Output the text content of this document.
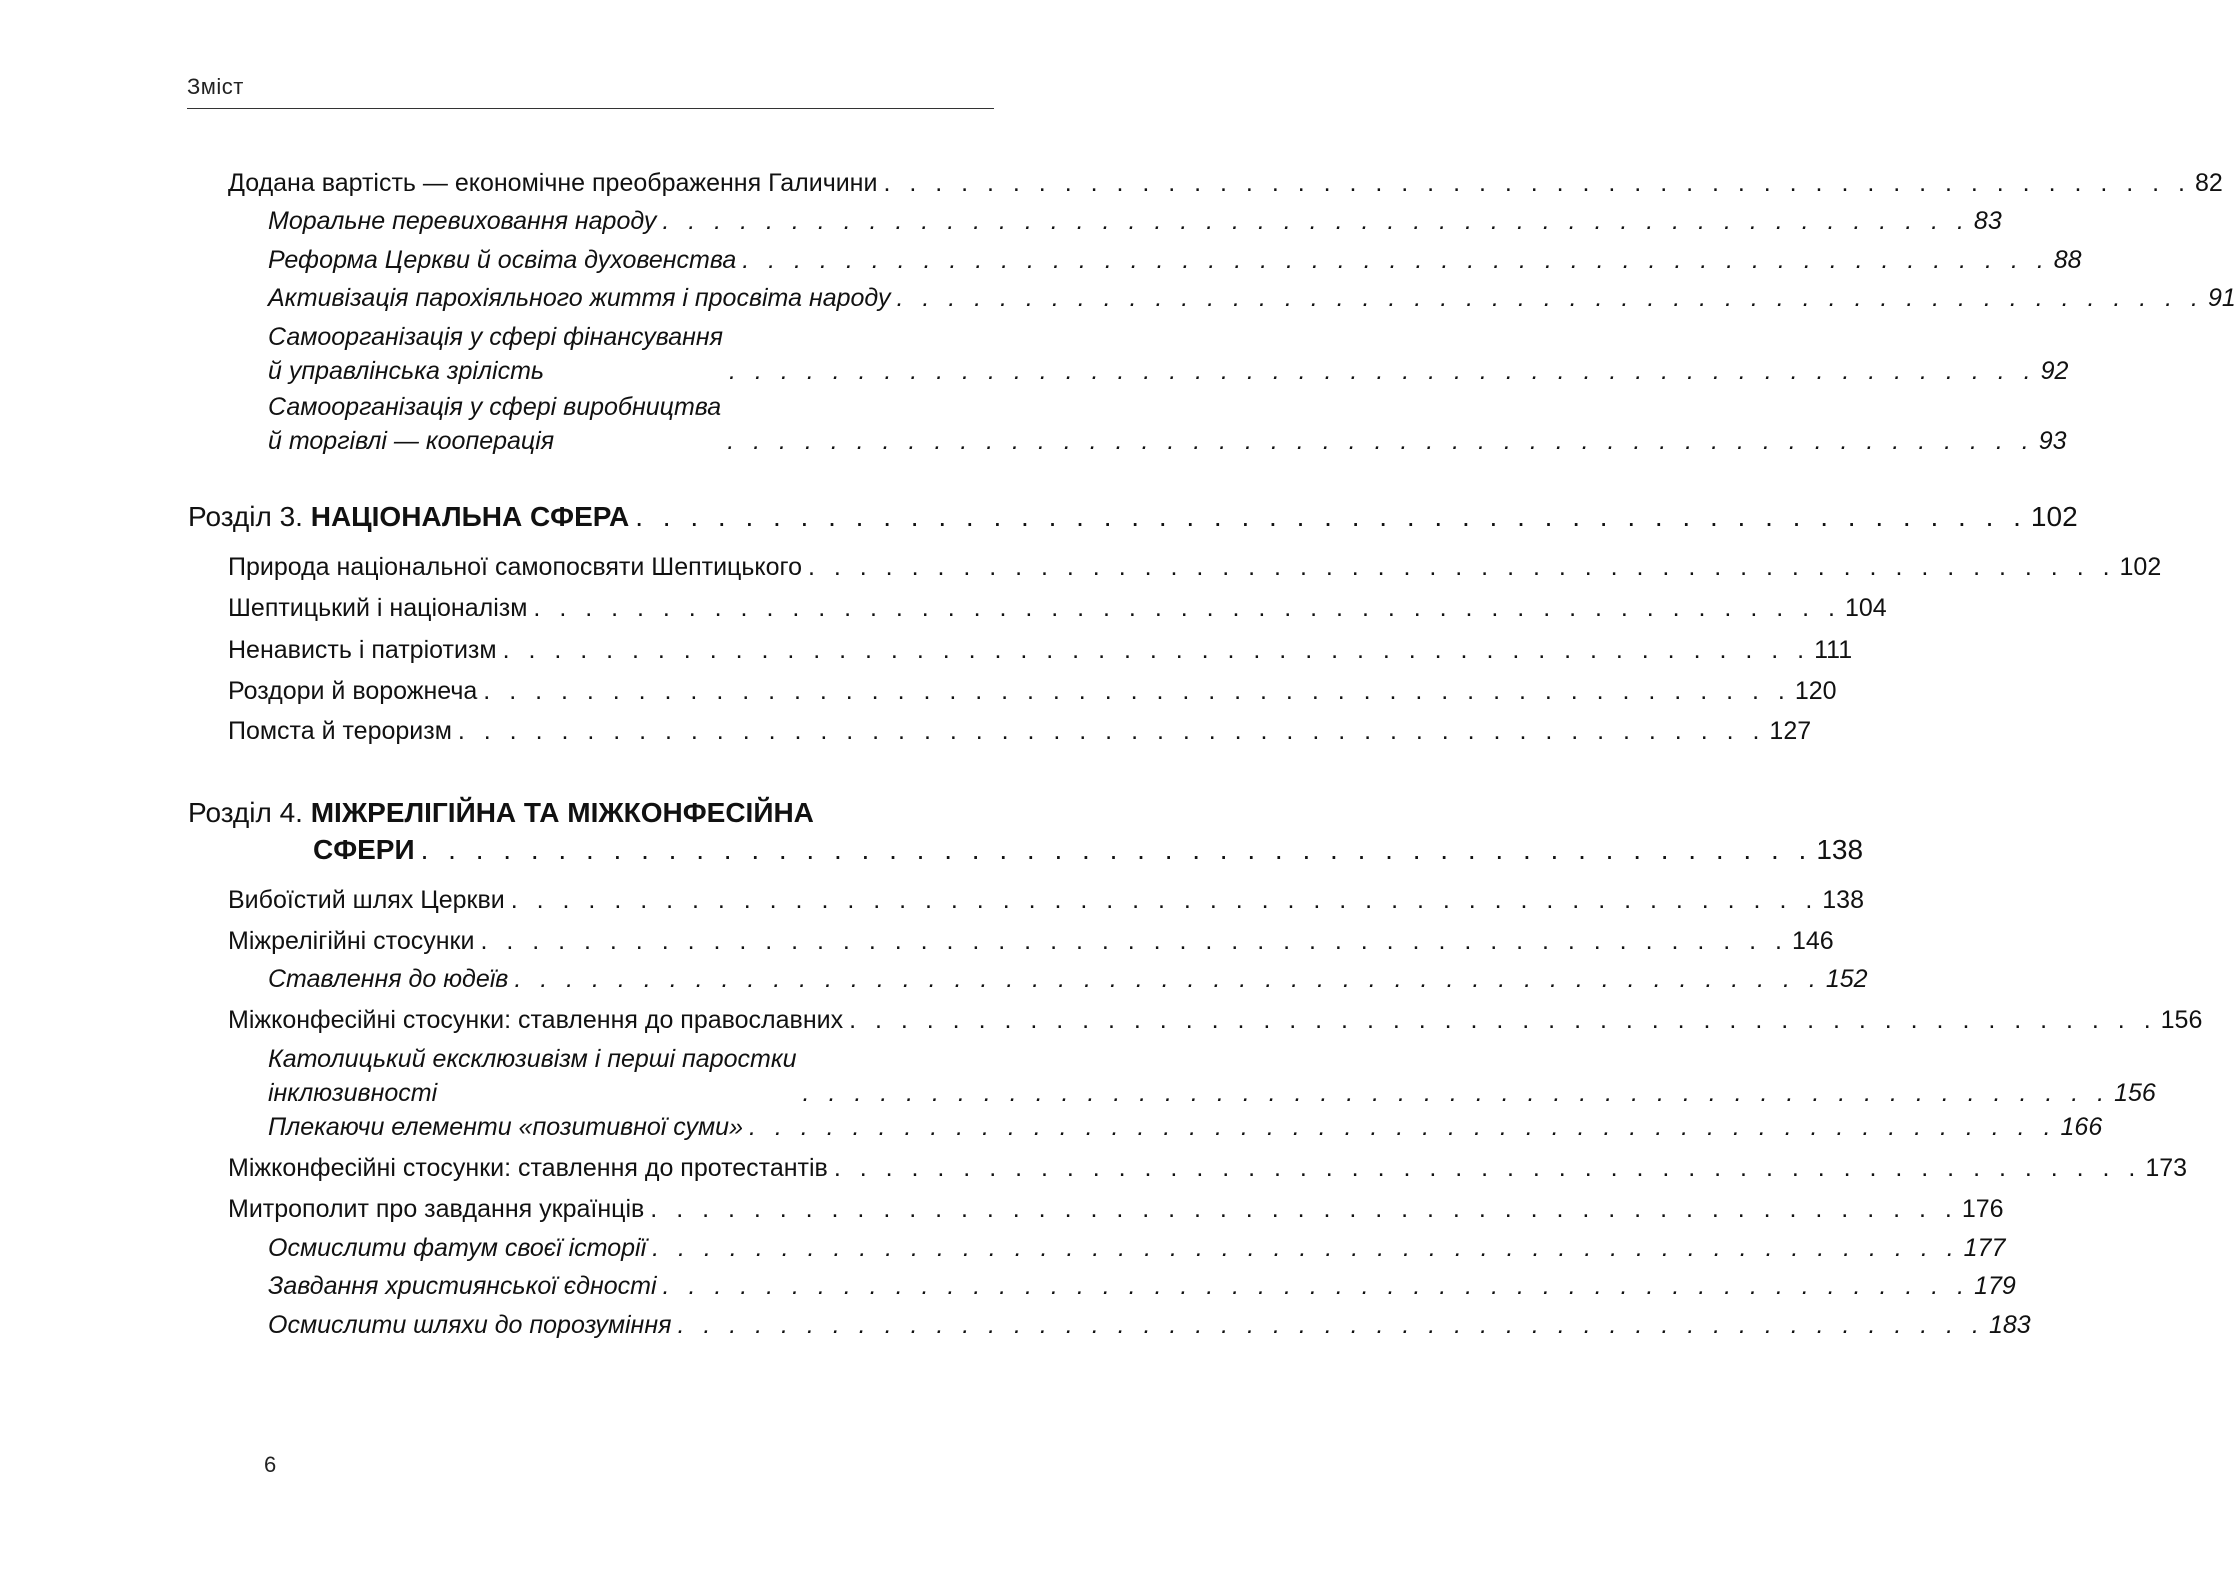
Зміст
Додана вартість — економічне преображення Галичини . . . . . . . . . . . . . . . . . . . . . . . . . . . . . . . . . . . . . . . . . . . . . . . . . . . 82
Моральне перевиховання народу . . . . . . . . . . . . . . . . . . . . . . . . . . . . . . . . . . . . . . . . . . . . . . . . . . . 83
Реформа Церкви й освіта духовенства . . . . . . . . . . . . . . . . . . . . . . . . . . . . . . . . . . . . . . . . . . . . . . . . . . . 88
Активізація парохіяльного життя і просвіта народу . . . . . . . . . . . . . . . . . . . . . . . . . . . . . . . . . . . . . . . . . . . . . . . . . . . 91
Самоорганізація у сфері фінансування
й управлінська зрілість	. . . . . . . . . . . . . . . . . . . . . . . . . . . . . . . . . . . . . . . . . . . . . . . . . . . 92
Самоорганізація у сфері виробництва
й торгівлі — кооперація	. . . . . . . . . . . . . . . . . . . . . . . . . . . . . . . . . . . . . . . . . . . . . . . . . . . 93
Розділ 3. НАЦІОНАЛЬНА СФЕРА . . . . . . . . . . . . . . . . . . . . . . . . . . . . . . . . . . . . . . . . . . . . . . . . . . . 102
Природа національної самопосвяти Шептицького . . . . . . . . . . . . . . . . . . . . . . . . . . . . . . . . . . . . . . . . . . . . . . . . . . . 102
Шептицький і націоналізм . . . . . . . . . . . . . . . . . . . . . . . . . . . . . . . . . . . . . . . . . . . . . . . . . . . 104
Ненависть і патріотизм . . . . . . . . . . . . . . . . . . . . . . . . . . . . . . . . . . . . . . . . . . . . . . . . . . . 111
Роздори й ворожнеча . . . . . . . . . . . . . . . . . . . . . . . . . . . . . . . . . . . . . . . . . . . . . . . . . . . 120
Помста й тероризм . . . . . . . . . . . . . . . . . . . . . . . . . . . . . . . . . . . . . . . . . . . . . . . . . . . 127
Розділ 4. МІЖРЕЛІГІЙНА ТА МІЖКОНФЕСІЙНА
СФЕРИ . . . . . . . . . . . . . . . . . . . . . . . . . . . . . . . . . . . . . . . . . . . . . . . . . . . 138
Вибоїстий шлях Церкви . . . . . . . . . . . . . . . . . . . . . . . . . . . . . . . . . . . . . . . . . . . . . . . . . . . 138
Міжрелігійні стосунки . . . . . . . . . . . . . . . . . . . . . . . . . . . . . . . . . . . . . . . . . . . . . . . . . . . 146
Ставлення до юдеїв . . . . . . . . . . . . . . . . . . . . . . . . . . . . . . . . . . . . . . . . . . . . . . . . . . . 152
Міжконфесійні стосунки: ставлення до православних . . . . . . . . . . . . . . . . . . . . . . . . . . . . . . . . . . . . . . . . . . . . . . . . . . . 156
Католицький ексклюзивізм і перші паростки
інклюзивності	. . . . . . . . . . . . . . . . . . . . . . . . . . . . . . . . . . . . . . . . . . . . . . . . . . . 156
Плекаючи елементи «позитивної суми» . . . . . . . . . . . . . . . . . . . . . . . . . . . . . . . . . . . . . . . . . . . . . . . . . . . 166
Міжконфесійні стосунки: ставлення до протестантів . . . . . . . . . . . . . . . . . . . . . . . . . . . . . . . . . . . . . . . . . . . . . . . . . . . 173
Митрополит про завдання українців . . . . . . . . . . . . . . . . . . . . . . . . . . . . . . . . . . . . . . . . . . . . . . . . . . . 176
Осмислити фатум своєї історії . . . . . . . . . . . . . . . . . . . . . . . . . . . . . . . . . . . . . . . . . . . . . . . . . . . 177
Завдання християнської єдності . . . . . . . . . . . . . . . . . . . . . . . . . . . . . . . . . . . . . . . . . . . . . . . . . . . 179
Осмислити шляхи до порозуміння . . . . . . . . . . . . . . . . . . . . . . . . . . . . . . . . . . . . . . . . . . . . . . . . . . . 183
6
